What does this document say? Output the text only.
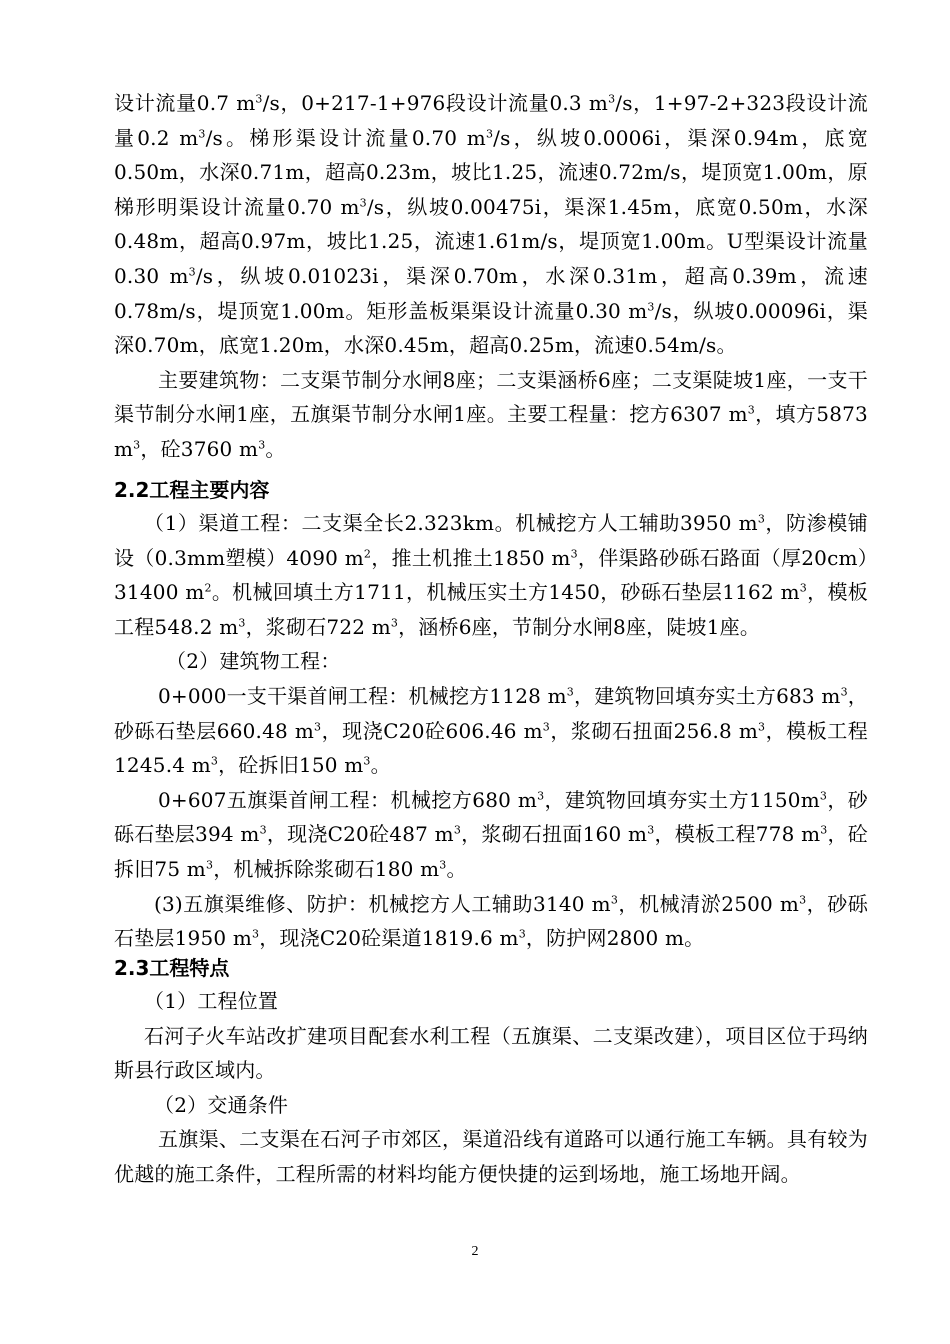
设计流量0.7 $m^3/s$，0+217-1+976段设计流量0.3 $m^3/s$，1+97-2+323段设计流量0.2 $m^3/s$。梯形渠设计流量0.70 $m^3/s$，纵坡0.0006i，渠深0.94m，底宽0.50m，水深0.71m，超高0.23m，坡比1.25，流速0.72m/s，堤顶宽1.00m，原梯形明渠设计流量0.70 $m^3/s$，纵坡0.00475i，渠深1.45m，底宽0.50m，水深0.48m，超高0.97m，坡比1.25，流速1.61m/s，堤顶宽1.00m。U型渠设计流量0.30 $m^3/s$，纵坡0.01023i，渠深0.70m，水深0.31m，超高0.39m，流速0.78m/s，堤顶宽1.00m。矩形盖板渠渠设计流量0.30 $m^3/s$，纵坡0.00096i，渠深0.70m，底宽1.20m，水深0.45m，超高0.25m，流速0.54m/s。

主要建筑物：二支渠节制分水闸8座；二支渠涵桥6座；二支渠陡坡1座，一支干渠节制分水闸1座，五旗渠节制分水闸1座。主要工程量：挖方6307 $m^3$，填方5873 $m^3$，砼3760 $m^3$。

2.2工程主要内容

（1）渠道工程：二支渠全长2.323km。机械挖方人工辅助3950 $m^3$，防渗模铺设（0.3mm塑模）4090 $m^2$，推土机推土1850 $m^3$，伴渠路砂砾石路面（厚20cm）31400 $m^2$。机械回填土方1711，机械压实土方1450，砂砾石垫层1162 $m^3$，模板工程548.2 $m^3$，浆砌石722 $m^3$，涵桥6座，节制分水闸8座，陡坡1座。

（2）建筑物工程：

0+000一支干渠首闸工程：机械挖方1128 $m^3$，建筑物回填夯实土方683 $m^3$，砂砾石垫层660.48 $m^3$，现浇C20砼606.46 $m^3$，浆砌石扭面256.8 $m^3$，模板工程1245.4 $m^3$，砼拆旧150 $m^3$。

0+607五旗渠首闸工程：机械挖方680 $m^3$，建筑物回填夯实土方$1150m^3$，砂砾石垫层394 $m^3$，现浇C20砼487 $m^3$，浆砌石扭面160 $m^3$，模板工程778 $m^3$，砼拆旧75 $m^3$，机械拆除浆砌石180 $m^3$。

(3)五旗渠维修、防护：机械挖方人工辅助3140 $m^3$，机械清淤2500 $m^3$，砂砾石垫层1950 $m^3$，现浇C20砼渠道1819.6 $m^3$，防护网2800 m。

2.3工程特点

（1）工程位置

石河子火车站改扩建项目配套水利工程（五旗渠、二支渠改建），项目区位于玛纳斯县行政区域内。

（2）交通条件

五旗渠、二支渠在石河子市郊区，渠道沿线有道路可以通行施工车辆。具有较为优越的施工条件，工程所需的材料均能方便快捷的运到场地，施工场地开阔。

2
